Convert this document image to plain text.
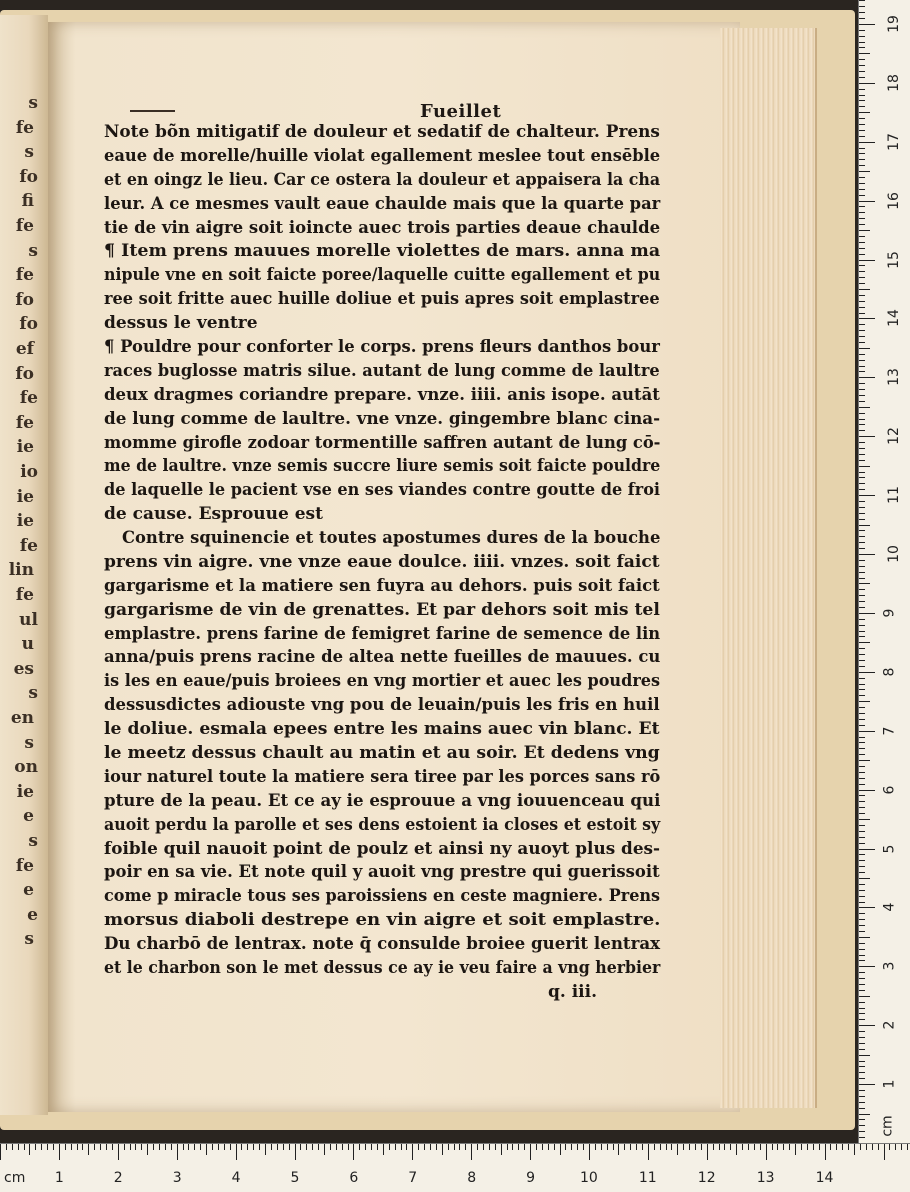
s
fe
s
fo
fi
fe
s
fe
fo
fo
ef
fo
fe
fe
ie
io
ie
ie
fe
lin
fe
ul
u
es
s
en
s
on
ie
e
s
fe
e
e
s
Fueillet
Note bõn mitigatif de douleur et sedatif de chalteur. Prens
eaue de morelle/huille violat egallement meslee tout ensēble
et en oingz le lieu. Car ce ostera la douleur et appaisera la cha
leur. A ce mesmes vault eaue chaulde mais que la quarte par
tie de vin aigre soit ioincte auec trois parties deaue chaulde
¶ Item prens mauues morelle violettes de mars. anna ma
nipule vne en soit faicte poree/laquelle cuitte egallement et pu
ree soit fritte auec huille doliue et puis apres soit emplastree
dessus le ventre
¶ Pouldre pour conforter le corps. prens fleurs danthos bour
races buglosse matris silue. autant de lung comme de laultre
deux dragmes coriandre prepare. vnze. iiii. anis isope. autāt
de lung comme de laultre. vne vnze. gingembre blanc cina-
momme girofle zodoar tormentille saffren autant de lung cō-
me de laultre. vnze semis succre liure semis soit faicte pouldre
de laquelle le pacient vse en ses viandes contre goutte de froi
de cause. Esprouue est
Contre squinencie et toutes apostumes dures de la bouche
prens vin aigre. vne vnze eaue doulce. iiii. vnzes. soit faict
gargarisme et la matiere sen fuyra au dehors. puis soit faict
gargarisme de vin de grenattes. Et par dehors soit mis tel
emplastre. prens farine de femigret farine de semence de lin
anna/puis prens racine de altea nette fueilles de mauues. cu
is les en eaue/puis broiees en vng mortier et auec les poudres
dessusdictes adiouste vng pou de leuain/puis les fris en huil
le doliue. esmala epees entre les mains auec vin blanc. Et
le meetz dessus chault au matin et au soir. Et dedens vng
iour naturel toute la matiere sera tiree par les porces sans rō
pture de la peau. Et ce ay ie esprouue a vng iouuenceau qui
auoit perdu la parolle et ses dens estoient ia closes et estoit sy
foible quil nauoit point de poulz et ainsi ny auoyt plus des-
poir en sa vie. Et note quil y auoit vng prestre qui guerissoit
come p miracle tous ses paroissiens en ceste magniere. Prens
morsus diaboli destrepe en vin aigre et soit emplastre.
Du charbō de lentrax. note q̄ consulde broiee guerit lentrax
et le charbon son le met dessus ce ay ie veu faire a vng herbier
q. iii.
cm
1
2
3
4
5
6
7
8
9
10
11
12
13
14
15
16
17
18
19
cm 1	2	3	4	5	6	7	8	9	10	11	12	13	14
